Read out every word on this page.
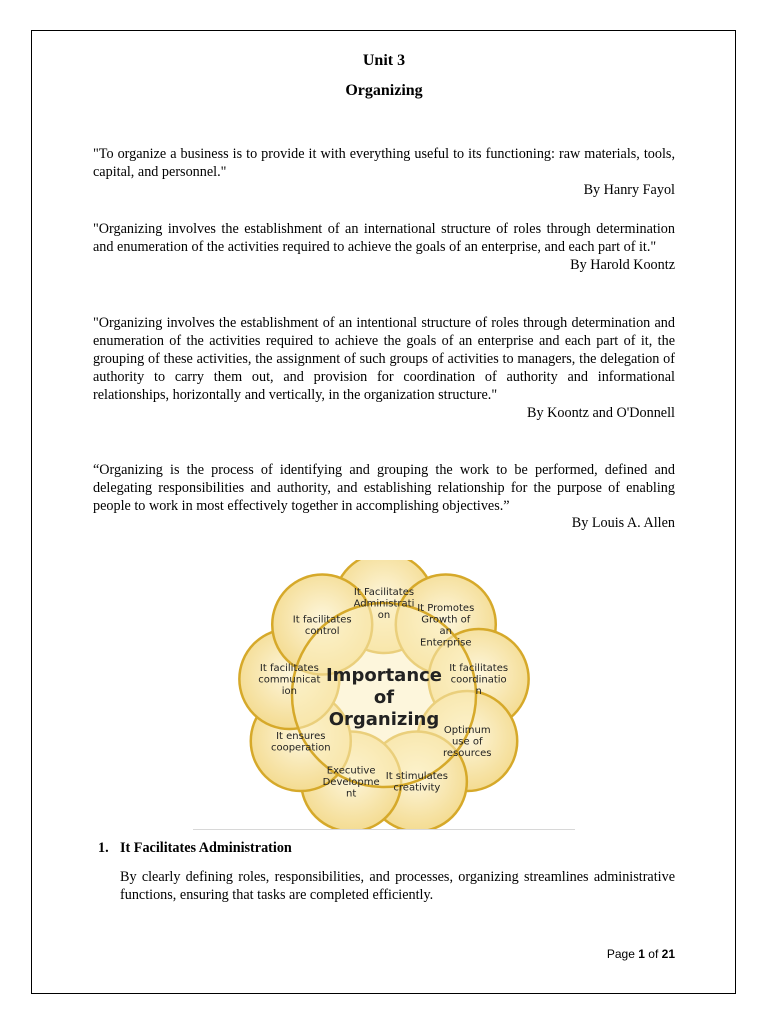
Unit 3
Organizing

"To organize a business is to provide it with everything useful to its functioning: raw materials, tools, capital, and personnel."

By Hanry Fayol

"Organizing involves the establishment of an international structure of roles through determination and enumeration of the activities required to achieve the goals of an enterprise, and each part of it."

By Harold Koontz

"Organizing involves the establishment of an intentional structure of roles through determination and enumeration of the activities required to achieve the goals of an enterprise and each part of it, the grouping of these activities, the assignment of such groups of activities to managers, the delegation of authority to carry them out, and provision for coordination of authority and informational relationships, horizontally and vertically, in the organization structure."

By Koontz and O'Donnell

“Organizing is the process of identifying and grouping the work to be performed, defined and delegating responsibilities and authority, and establishing relationship for the purpose of enabling people to work in most effectively together in accomplishing objectives.”

By Louis A. Allen

Importance
of
Organizing
It Facilitates Administrati on
It Promotes Growth of an Enterprise
It facilitates coordinatio n
Optimum use of resources
It stimulates creativity
Executive Developme nt
It ensures cooperation
It facilitates communicat ion
It facilitates control
1. It Facilitates Administration
By clearly defining roles, responsibilities, and processes, organizing streamlines administrative functions, ensuring that tasks are completed efficiently.
Page 1 of 21
